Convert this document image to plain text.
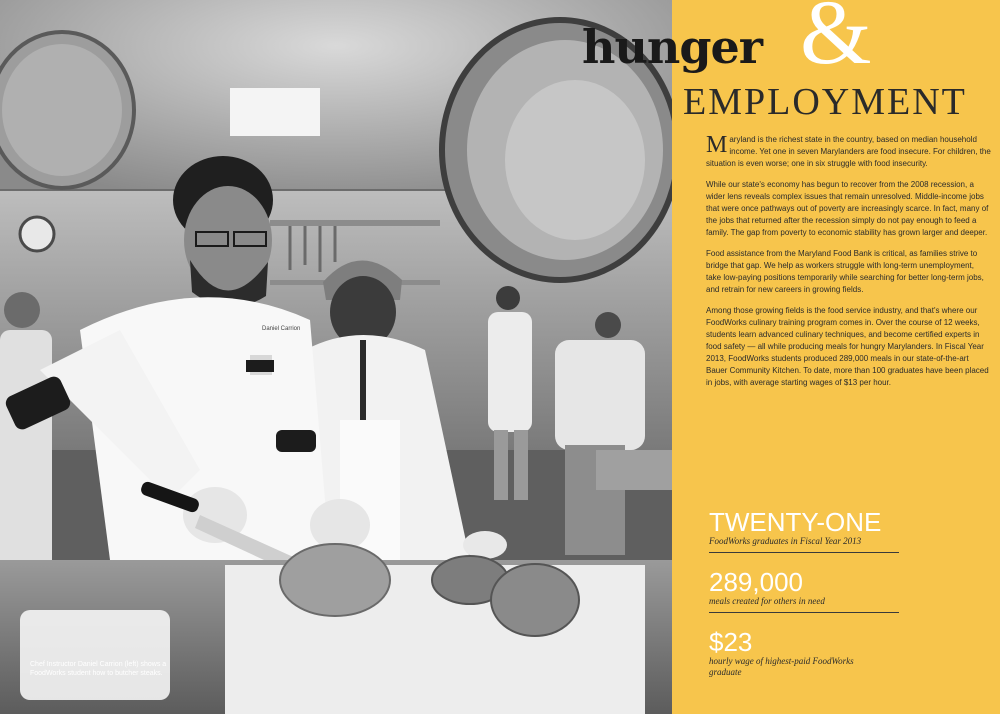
Chef Instructor Daniel Carrion (left) shows a FoodWorks student how to butcher steaks.
hunger &
EMPLOYMENT

Maryland is the richest state in the country, based on median household income. Yet one in seven Marylanders are food insecure. For children, the situation is even worse; one in six struggle with food insecurity.

While our state's economy has begun to recover from the 2008 recession, a wider lens reveals complex issues that remain unresolved. Middle-income jobs that were once pathways out of poverty are increasingly scarce. In fact, many of the jobs that returned after the recession simply do not pay enough to feed a family. The gap from poverty to economic stability has grown larger and deeper.

Food assistance from the Maryland Food Bank is critical, as families strive to bridge that gap. We help as workers struggle with long-term unemployment, take low-paying positions temporarily while searching for better long-term jobs, and retrain for new careers in growing fields.

Among those growing fields is the food service industry, and that's where our FoodWorks culinary training program comes in. Over the course of 12 weeks, students learn advanced culinary techniques, and become certified experts in food safety — all while producing meals for hungry Marylanders. In Fiscal Year 2013, FoodWorks students produced 289,000 meals in our state-of-the-art Bauer Community Kitchen. To date, more than 100 graduates have been placed in jobs, with average starting wages of $13 per hour.

TWENTY-ONE
FoodWorks graduates in Fiscal Year 2013
289,000
meals created for others in need
$23
hourly wage of highest-paid FoodWorks graduate
Daniel Carrion
